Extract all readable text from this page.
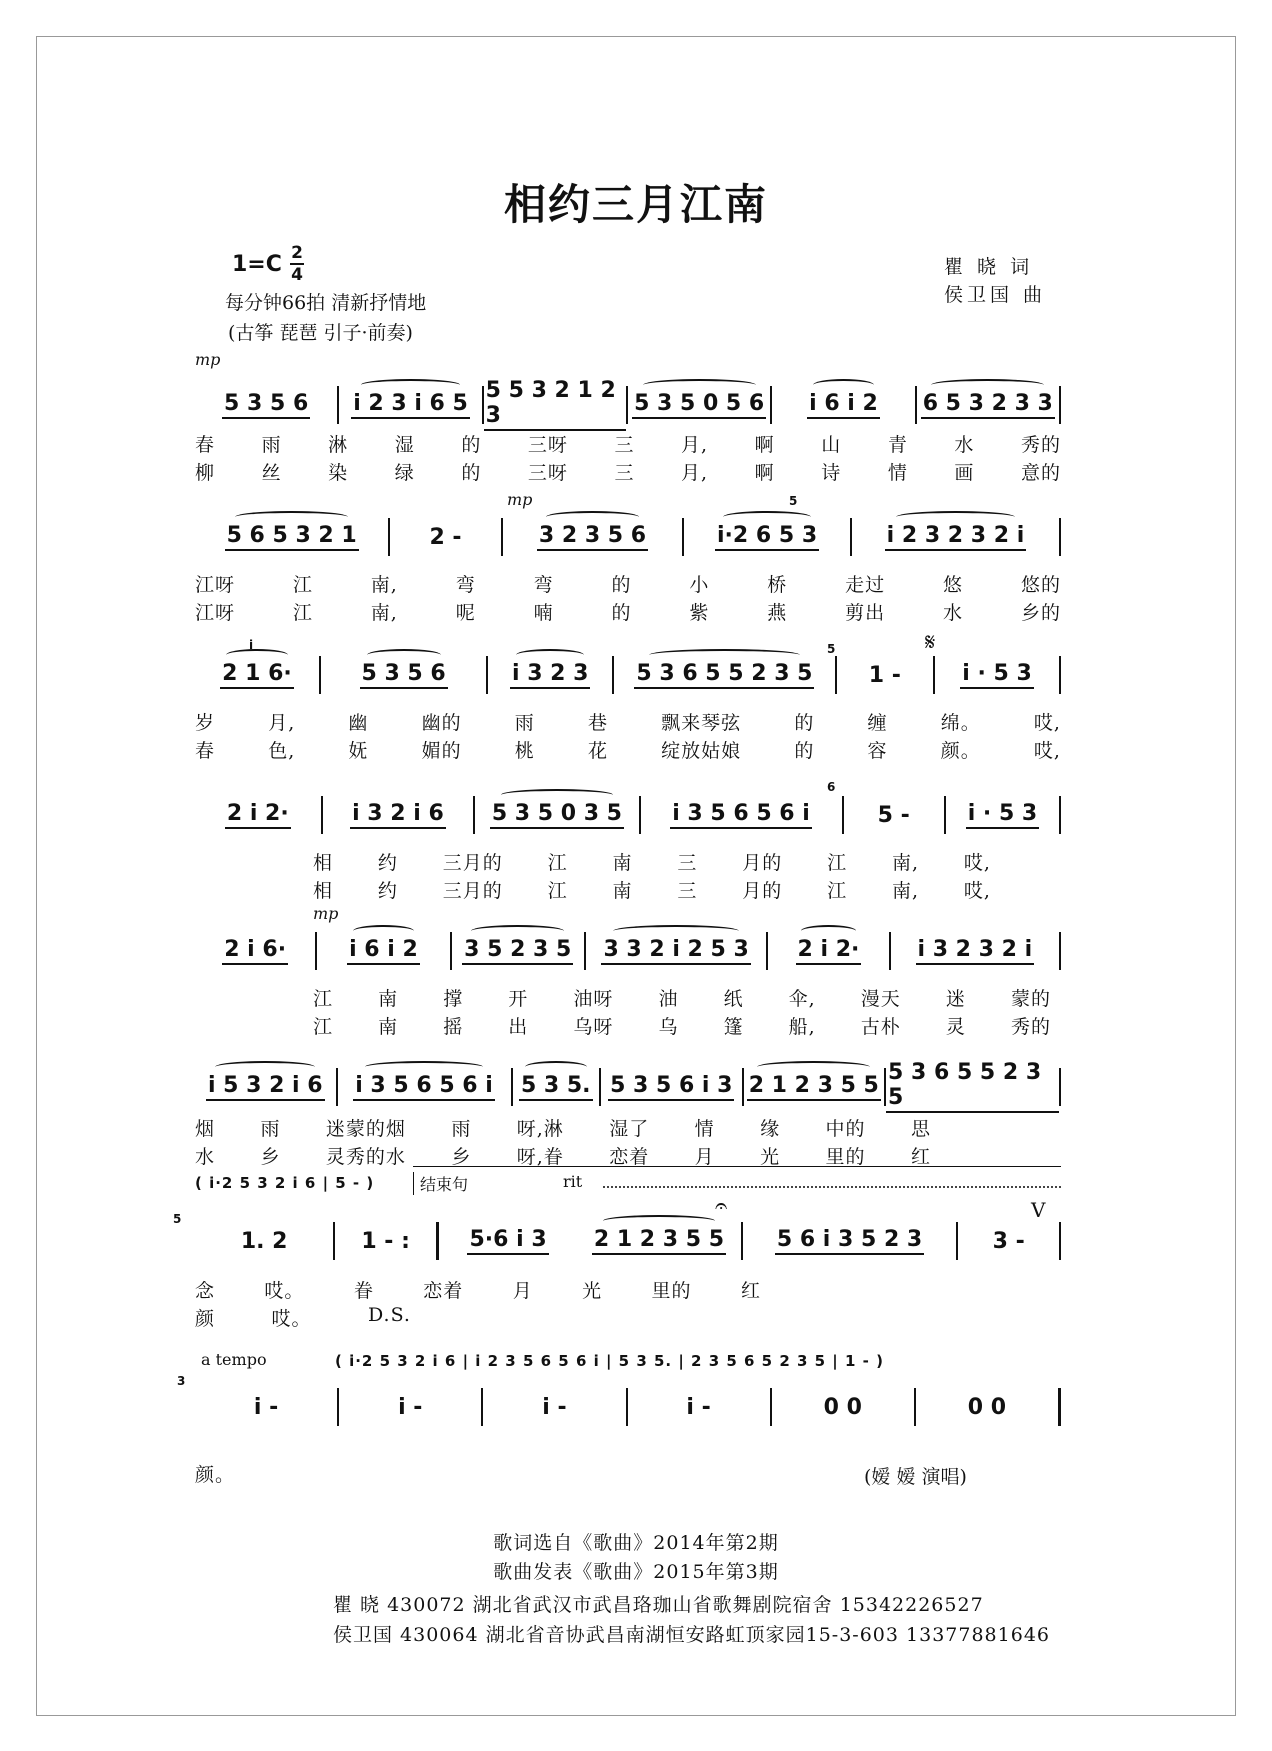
相约三月江南
1=C 2
4
每分钟66拍 清新抒情地
(古筝 琵琶 引子·前奏)
瞿 晓 词
侯卫国 曲
mp
5 3 5 6 i 2 3 i 6 5 5 5 3 2 1 2 3	5 3 5 0 5 6 i 6 i 2 6 5 3 2 3 3
春 雨 淋 湿 的 三呀 三 月, 啊 山 青 水 秀的
柳 丝 染 绿 的 三呀 三 月, 啊 诗 情 画 意的
mp	5
5 6 5 3 2 1	2 -	3 2 3 5 6	i·2 6 5 3	i 2 3 2 3 2 i
江呀	江	南,	弯	弯	的	小	桥	走过	悠	悠的
江呀	江	南,	呢	喃	的	紫	燕	剪出	水	乡的
i	5	𝄋
2 1 6·	5 3 5 6	i 3 2 3 5 3 6 5 5 2 3 5	1 -	i · 5 3
岁	月,	幽	幽的	雨	巷	飘来琴弦	的	缠	绵。	哎,
春	色,	妩	媚的	桃	花	绽放姑娘	的	容	颜。	哎,
6
2 i 2·	i 3 2 i 6 5 3 5 0 3 5 i 3 5 6 5 6 i	5 -	i · 5 3
相 约 三月的 江 南 三 月的 江 南, 哎,
相 约 三月的 江 南 三 月的 江 南, 哎,
mp
2 i 6·	i 6 i 2 3 5 2 3 5 3 3 2 i 2 5 3 2 i 2·	i 3 2 3 2 i
江 南 撑 开 油呀 油 纸 伞, 漫天 迷 蒙的
江 南 摇 出 乌呀 乌 篷 船, 古朴 灵 秀的
i 5 3 2 i 6 i 3 5 6 5 6 i 5 3 5. 5 3 5 6 i 3 2 1 2 3 5 5 5 3 6 5 5 2 3 5
烟 雨 迷蒙的烟 雨 呀,淋 湿了 情 缘 中的 思
水 乡 灵秀的水 乡 呀,眷 恋着 月 光 里的 红
( i·2 5 3 2 i 6 | 5 - )	结束句	rit
𝄐	V
5
1. 2	1 - :	5·6 i 3 2 1 2 3 5 5 5 6 i 3 5 2 3	3 -
念	哎。	眷	恋着	月	光	里的	红
颜	哎。	D.S.
a tempo	( i·2 5 3 2 i 6 | i 2 3 5 6 5 6 i | 5 3 5. | 2 3 5 6 5 2 3 5 | 1 - )
3
i -	i -	i -	i -	0 0	0 0
颜。	(嫒 嫒 演唱)
歌词选自《歌曲》2014年第2期
歌曲发表《歌曲》2015年第3期
瞿 晓 430072 湖北省武汉市武昌珞珈山省歌舞剧院宿舍 15342226527
侯卫国 430064 湖北省音协武昌南湖恒安路虹顶家园15-3-603 13377881646
